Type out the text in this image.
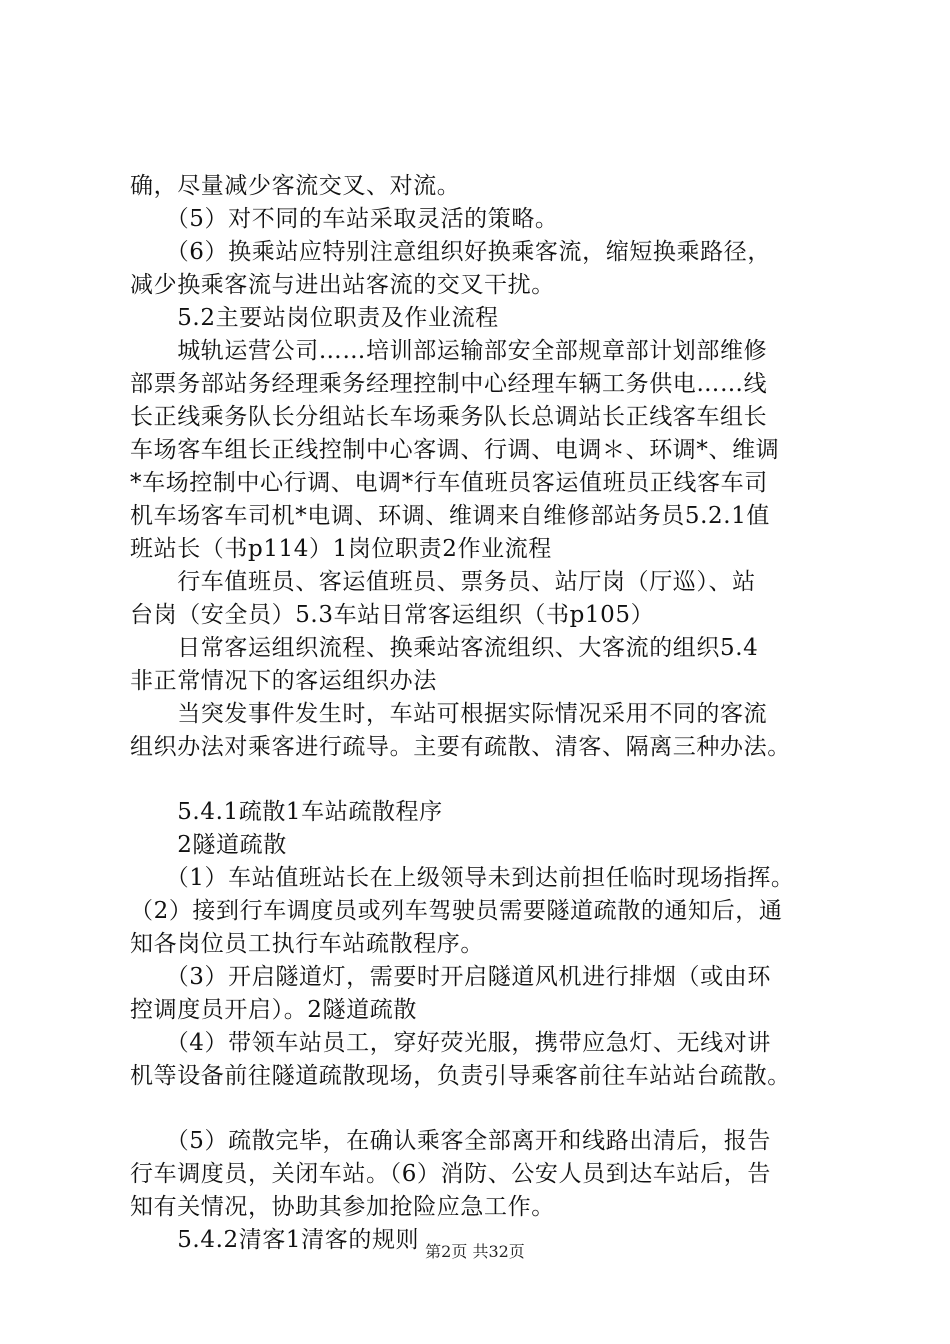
确，尽量减少客流交叉、对流。
　　（5）对不同的车站采取灵活的策略。
　　（6）换乘站应特别注意组织好换乘客流，缩短换乘路径，
减少换乘客流与进出站客流的交叉干扰。
　　5.2主要站岗位职责及作业流程
　　城轨运营公司……培训部运输部安全部规章部计划部维修
部票务部站务经理乘务经理控制中心经理车辆工务供电……线
长正线乘务队长分组站长车场乘务队长总调站长正线客车组长
车场客车组长正线控制中心客调、行调、电调＊、环调*、维调
*车场控制中心行调、电调*行车值班员客运值班员正线客车司
机车场客车司机*电调、环调、维调来自维修部站务员5.2.1值
班站长（书p114）1岗位职责2作业流程
　　行车值班员、客运值班员、票务员、站厅岗（厅巡）、站
台岗（安全员）5.3车站日常客运组织（书p105）
　　日常客运组织流程、换乘站客流组织、大客流的组织5.4
非正常情况下的客运组织办法
　　当突发事件发生时，车站可根据实际情况采用不同的客流
组织办法对乘客进行疏导。主要有疏散、清客、隔离三种办法。
　　5.4.1疏散1车站疏散程序
　　2隧道疏散
　　（1）车站值班站长在上级领导未到达前担任临时现场指挥。
（2）接到行车调度员或列车驾驶员需要隧道疏散的通知后，通
知各岗位员工执行车站疏散程序。
　　（3）开启隧道灯，需要时开启隧道风机进行排烟（或由环
控调度员开启）。2隧道疏散
　　（4）带领车站员工，穿好荧光服，携带应急灯、无线对讲
机等设备前往隧道疏散现场，负责引导乘客前往车站站台疏散。
　　（5）疏散完毕，在确认乘客全部离开和线路出清后，报告
行车调度员，关闭车站。（6）消防、公安人员到达车站后，告
知有关情况，协助其参加抢险应急工作。
　　5.4.2清客1清客的规则 第2页 共32页
